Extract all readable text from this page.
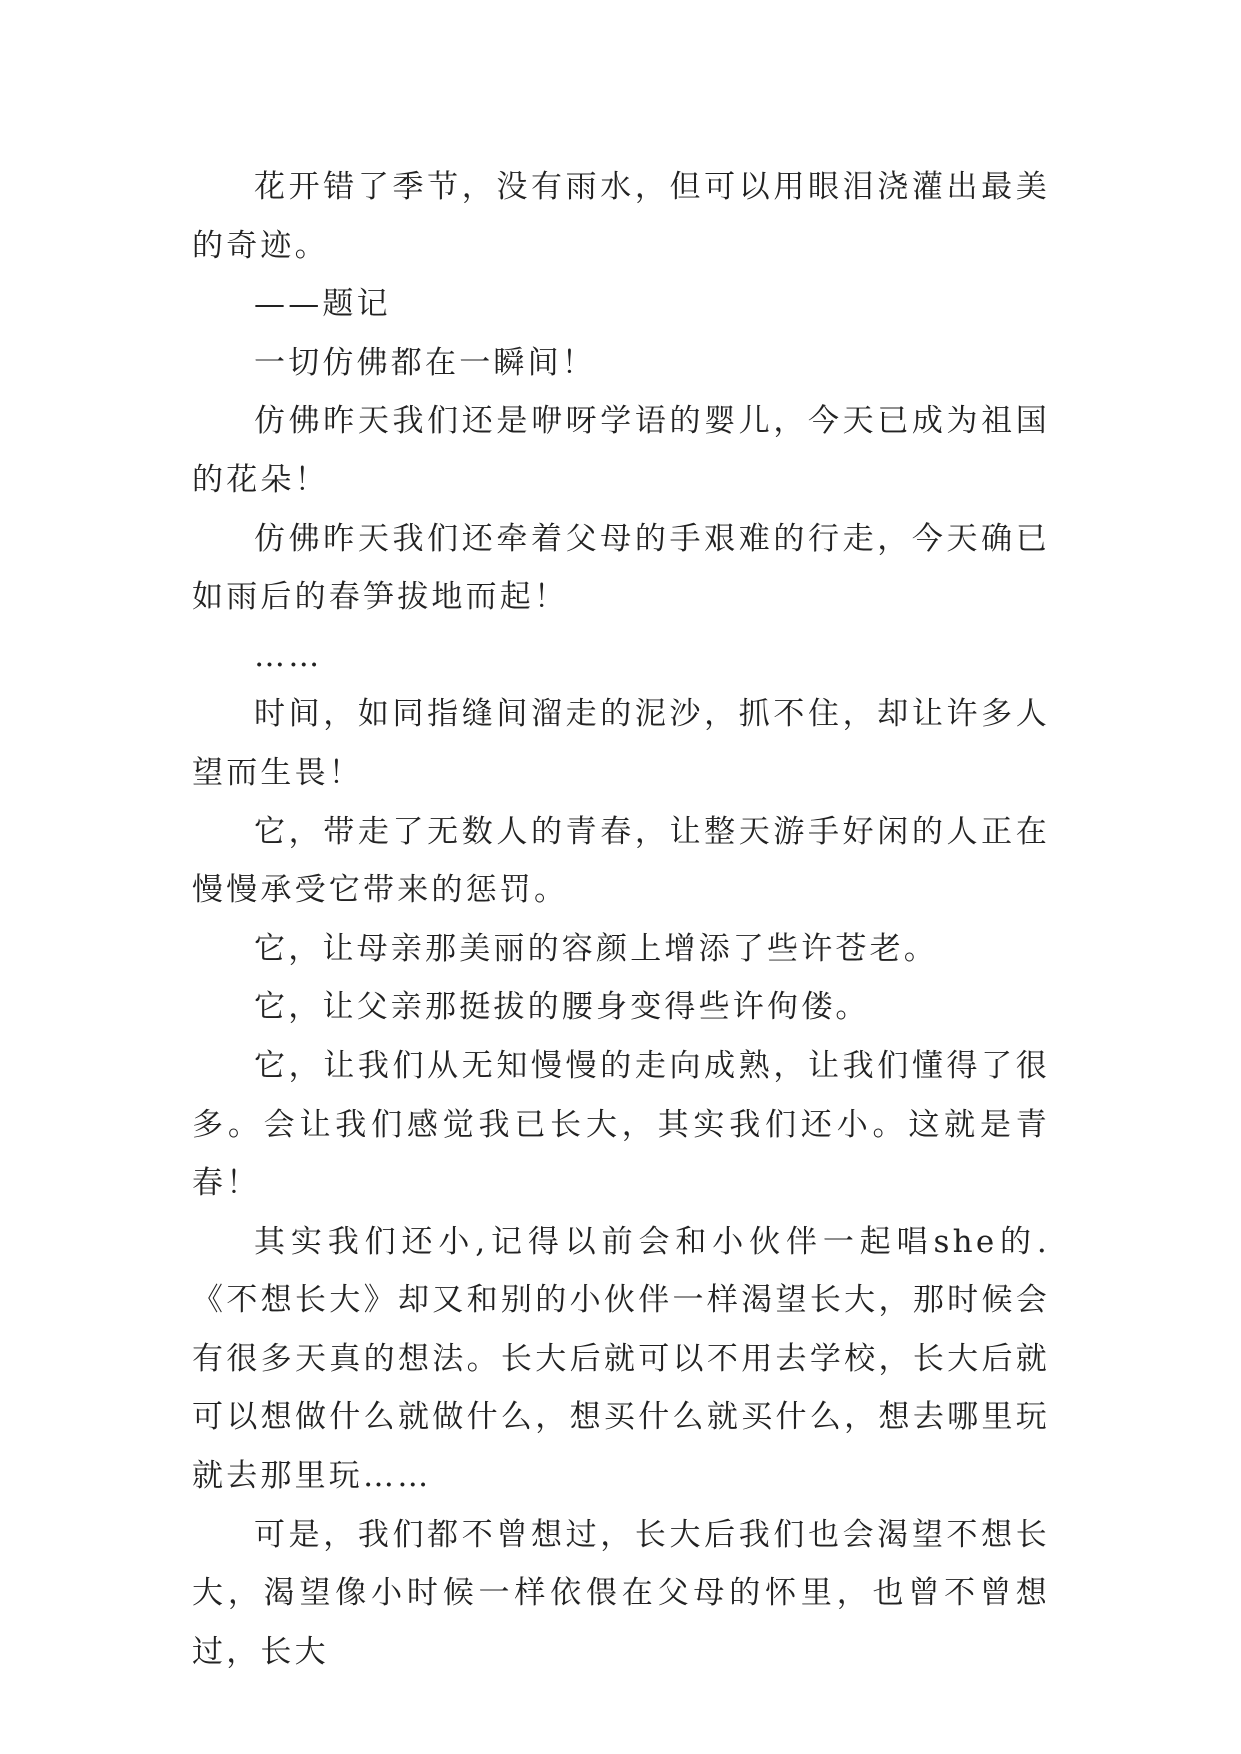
花开错了季节，没有雨水，但可以用眼泪浇灌出最美的奇迹。

——题记

一切仿佛都在一瞬间！

仿佛昨天我们还是咿呀学语的婴儿，今天已成为祖国的花朵！

仿佛昨天我们还牵着父母的手艰难的行走，今天确已如雨后的春笋拔地而起！

……

时间，如同指缝间溜走的泥沙，抓不住，却让许多人望而生畏！

它，带走了无数人的青春，让整天游手好闲的人正在慢慢承受它带来的惩罚。

它，让母亲那美丽的容颜上增添了些许苍老。

它，让父亲那挺拔的腰身变得些许佝偻。

它，让我们从无知慢慢的走向成熟，让我们懂得了很多。会让我们感觉我已长大，其实我们还小。这就是青春！

其实我们还小,记得以前会和小伙伴一起唱she的.《不想长大》却又和别的小伙伴一样渴望长大，那时候会有很多天真的想法。长大后就可以不用去学校，长大后就可以想做什么就做什么，想买什么就买什么，想去哪里玩就去那里玩……

可是，我们都不曾想过，长大后我们也会渴望不想长大，渴望像小时候一样依偎在父母的怀里，也曾不曾想过，长大
